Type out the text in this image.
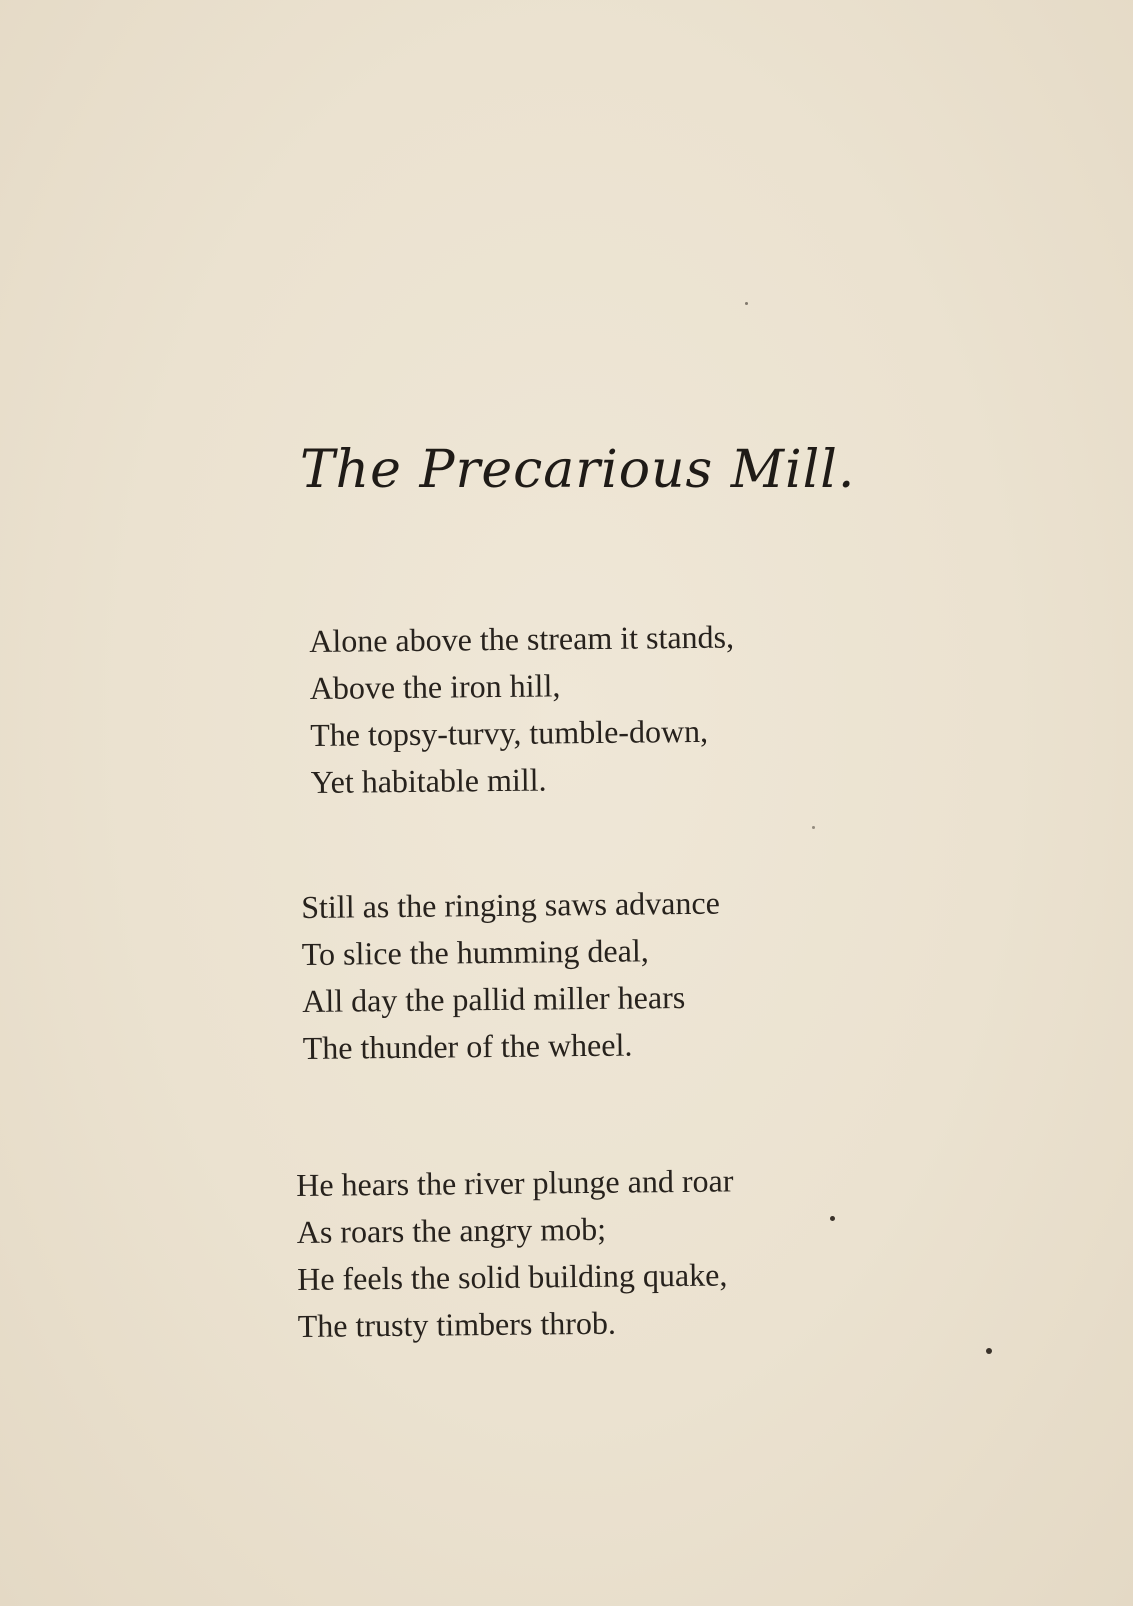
The Precarious Mill.
Alone above the stream it stands,
Above the iron hill,
The topsy-turvy, tumble-down,
Yet habitable mill.
Still as the ringing saws advance
To slice the humming deal,
All day the pallid miller hears
The thunder of the wheel.
He hears the river plunge and roar
As roars the angry mob;
He feels the solid building quake,
The trusty timbers throb.
